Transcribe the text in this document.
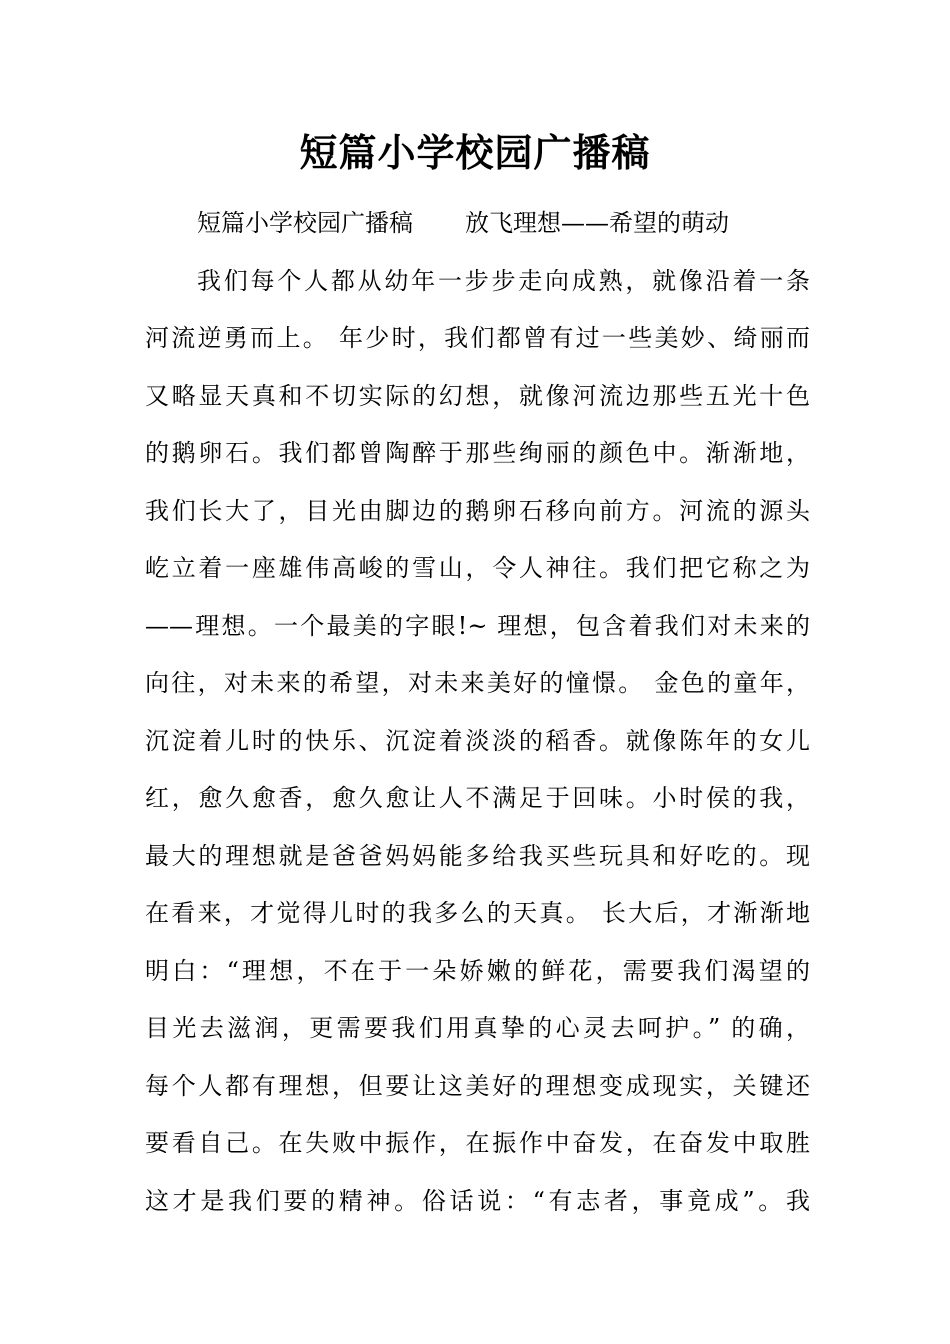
短篇小学校园广播稿
短篇小学校园广播稿 放飞理想——希望的萌动
我们每个人都从幼年一步步走向成熟，就像沿着一条
河流逆勇而上。 年少时，我们都曾有过一些美妙、绮丽而
又略显天真和不切实际的幻想，就像河流边那些五光十色
的鹅卵石。我们都曾陶醉于那些绚丽的颜色中。渐渐地，
我们长大了，目光由脚边的鹅卵石移向前方。河流的源头
屹立着一座雄伟高峻的雪山，令人神往。我们把它称之为
——理想。一个最美的字眼!~ 理想，包含着我们对未来的
向往，对未来的希望，对未来美好的憧憬。 金色的童年，
沉淀着儿时的快乐、沉淀着淡淡的稻香。就像陈年的女儿
红，愈久愈香，愈久愈让人不满足于回味。小时侯的我，
最大的理想就是爸爸妈妈能多给我买些玩具和好吃的。现
在看来，才觉得儿时的我多么的天真。 长大后，才渐渐地
明白：“理想，不在于一朵娇嫩的鲜花，需要我们渴望的
目光去滋润，更需要我们用真挚的心灵去呵护。” 的确，
每个人都有理想，但要让这美好的理想变成现实，关键还
要看自己。在失败中振作，在振作中奋发，在奋发中取胜
这才是我们要的精神。俗话说：“有志者，事竟成”。我
